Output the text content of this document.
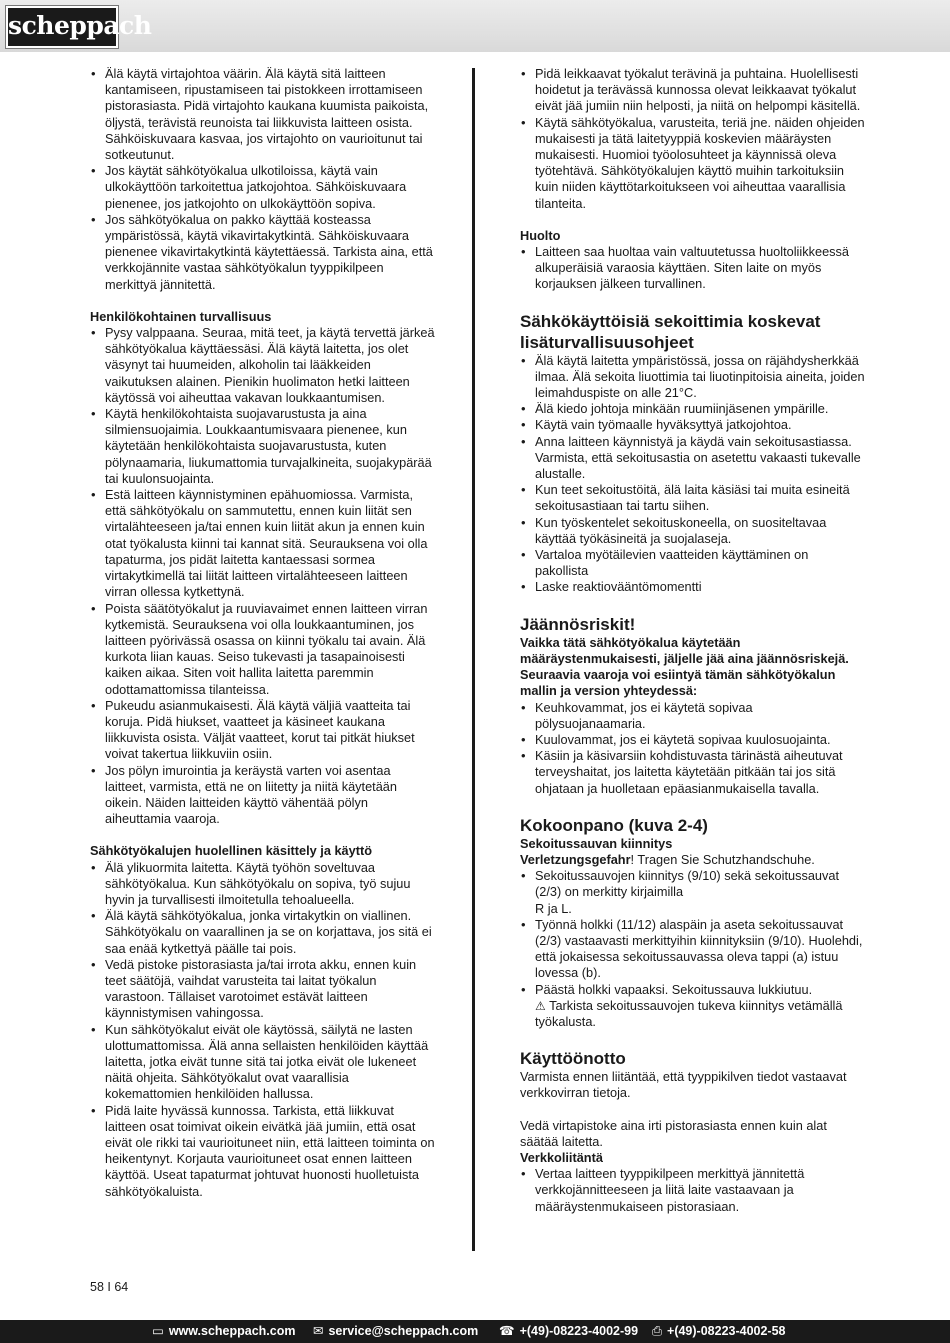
scheppach
• Älä käytä virtajohtoa väärin. Älä käytä sitä laitteen kantamiseen, ripustamiseen tai pistokkeen irrottamiseen pistorasiasta. Pidä virtajohto kaukana kuumista paikoista, öljystä, terävistä reunoista tai liikkuvista laitteen osista. Sähköiskuvaara kasvaa, jos virtajohto on vaurioitunut tai sotkeutunut.
• Jos käytät sähkötyökalua ulkotiloissa, käytä vain ulkokäyttöön tarkoitettua jatkojohtoa. Sähköiskuvaara pienenee, jos jatkojohto on ulkokäyttöön sopiva.
• Jos sähkötyökalua on pakko käyttää kosteassa ympäristössä, käytä vikavirtakytkintä. Sähköiskuvaara pienenee vikavirtakytkintä käytettäessä. Tarkista aina, että verkkojännite vastaa sähkötyökalun tyyppikilpeen merkittyä jännitettä.
Henkilökohtainen turvallisuus
• Pysy valppaana. Seuraa, mitä teet, ja käytä tervettä järkeä sähkötyökalua käyttäessäsi. Älä käytä laitetta, jos olet väsynyt tai huumeiden, alkoholin tai lääkkeiden vaikutuksen alainen. Pienikin huolimaton hetki laitteen käytössä voi aiheuttaa vakavan loukkaantumisen.
• Käytä henkilökohtaista suojavarustusta ja aina silmiensuojaimia. Loukkaantumisvaara pienenee, kun käytetään henkilökohtaista suojavarustusta, kuten pölynaamaria, liukumattomia turvajalkineita, suojakypärää tai kuulonsuojainta.
• Estä laitteen käynnistyminen epähuomiossa. Varmista, että sähkötyökalu on sammutettu, ennen kuin liität sen virtalähteeseen ja/tai ennen kuin liität akun ja ennen kuin otat työkalusta kiinni tai kannat sitä. Seurauksena voi olla tapaturma, jos pidät laitetta kantaessasi sormea virtakytkimellä tai liität laitteen virtalähteeseen laitteen virran ollessa kytkettynä.
• Poista säätötyökalut ja ruuviavaimet ennen laitteen virran kytkemistä. Seurauksena voi olla loukkaantuminen, jos laitteen pyörivässä osassa on kiinni työkalu tai avain. Älä kurkota liian kauas. Seiso tukevasti ja tasapainoisesti kaiken aikaa. Siten voit hallita laitetta paremmin odottamattomissa tilanteissa.
• Pukeudu asianmukaisesti. Älä käytä väljiä vaatteita tai koruja. Pidä hiukset, vaatteet ja käsineet kaukana liikkuvista osista. Väljät vaatteet, korut tai pitkät hiukset voivat takertua liikkuviin osiin.
• Jos pölyn imurointia ja keräystä varten voi asentaa laitteet, varmista, että ne on liitetty ja niitä käytetään oikein. Näiden laitteiden käyttö vähentää pölyn aiheuttamia vaaroja.
Sähkötyökalujen huolellinen käsittely ja käyttö
• Älä ylikuormita laitetta. Käytä työhön soveltuvaa sähkötyökalua. Kun sähkötyökalu on sopiva, työ sujuu hyvin ja turvallisesti ilmoitetulla tehoalueella.
• Älä käytä sähkötyökalua, jonka virtakytkin on viallinen. Sähkötyökalu on vaarallinen ja se on korjattava, jos sitä ei saa enää kytkettyä päälle tai pois.
• Vedä pistoke pistorasiasta ja/tai irrota akku, ennen kuin teet säätöjä, vaihdat varusteita tai laitat työkalun varastoon. Tällaiset varotoimet estävät laitteen käynnistymisen vahingossa.
• Kun sähkötyökalut eivät ole käytössä, säilytä ne lasten ulottumattomissa. Älä anna sellaisten henkilöiden käyttää laitetta, jotka eivät tunne sitä tai jotka eivät ole lukeneet näitä ohjeita. Sähkötyökalut ovat vaarallisia kokemattomien henkilöiden hallussa.
• Pidä laite hyvässä kunnossa. Tarkista, että liikkuvat laitteen osat toimivat oikein eivätkä jää jumiin, että osat eivät ole rikki tai vaurioituneet niin, että laitteen toiminta on heikentynyt. Korjauta vaurioituneet osat ennen laitteen käyttöä. Useat tapaturmat johtuvat huonosti huolletuista sähkötyökaluista.
• Pidä leikkaavat työkalut terävinä ja puhtaina. Huolellisesti hoidetut ja terävässä kunnossa olevat leikkaavat työkalut eivät jää jumiin niin helposti, ja niitä on helpompi käsitellä.
• Käytä sähkötyökalua, varusteita, teriä jne. näiden ohjeiden mukaisesti ja tätä laitetyyppiä koskevien määräysten mukaisesti. Huomioi työolosuhteet ja käynnissä oleva työtehtävä. Sähkötyökalujen käyttö muihin tarkoituksiin kuin niiden käyttötarkoitukseen voi aiheuttaa vaarallisia tilanteita.
Huolto
• Laitteen saa huoltaa vain valtuutetussa huoltoliikkeessä alkuperäisiä varaosia käyttäen. Siten laite on myös korjauksen jälkeen turvallinen.
Sähkökäyttöisiä sekoittimia koskevat lisäturvallisuusohjeet
• Älä käytä laitetta ympäristössä, jossa on räjähdysherkkää ilmaa. Älä sekoita liuottimia tai liuotinpitoisia aineita, joiden leimahduspiste on alle 21°C.
• Älä kiedo johtoja minkään ruumiinjäsenen ympärille.
• Käytä vain työmaalle hyväksyttyä jatkojohtoa.
• Anna laitteen käynnistyä ja käydä vain sekoitusastiassa. Varmista, että sekoitusastia on asetettu vakaasti tukevalle alustalle.
• Kun teet sekoitustöitä, älä laita käsiäsi tai muita esineitä sekoitusastiaan tai tartu siihen.
• Kun työskentelet sekoituskoneella, on suositeltavaa käyttää työkäsineitä ja suojalaseja.
• Vartaloa myötäilevien vaatteiden käyttäminen on pakollista
• Laske reaktiovääntömomentti
Jäännösriskit!

Vaikka tätä sähkötyökalua käytetään määräystenmukaisesti, jäljelle jää aina jäännösriskejä. Seuraavia vaaroja voi esiintyä tämän sähkötyökalun mallin ja version yhteydessä:

• Keuhkovammat, jos ei käytetä sopivaa pölysuojanaamaria.
• Kuulovammat, jos ei käytetä sopivaa kuulosuojainta.
• Käsiin ja käsivarsiin kohdistuvasta tärinästä aiheutuvat terveyshaitat, jos laitetta käytetään pitkään tai jos sitä ohjataan ja huolletaan epäasianmukaisella tavalla.
Kokoonpano (kuva 2-4)
Sekoitussauvan kiinnitys

Verletzungsgefahr! Tragen Sie Schutzhandschuhe.

• Sekoitussauvojen kiinnitys (9/10) sekä sekoitussauvat (2/3) on merkitty kirjaimilla
R ja L.
• Työnnä holkki (11/12) alaspäin ja aseta sekoitussauvat (2/3) vastaavasti merkittyihin kiinnityksiin (9/10). Huolehdi, että jokaisessa sekoitussauvassa oleva tappi (a) istuu lovessa (b).
• Päästä holkki vapaaksi. Sekoitussauva lukkiutuu.
⚠ Tarkista sekoitussauvojen tukeva kiinnitys vetämällä työkalusta.
Käyttöönotto

Varmista ennen liitäntää, että tyyppikilven tiedot vastaavat verkkovirran tietoja.

Vedä virtapistoke aina irti pistorasiasta ennen kuin alat säätää laitetta.

Verkkoliitäntä
• Vertaa laitteen tyyppikilpeen merkittyä jännitettä verkkojännitteeseen ja liitä laite vastaavaan ja määräystenmukaiseen pistorasiaan.
58 I 64
▭ www.scheppach.com ✉ service@scheppach.com ☎ +(49)-08223-4002-99 ⎙ +(49)-08223-4002-58
